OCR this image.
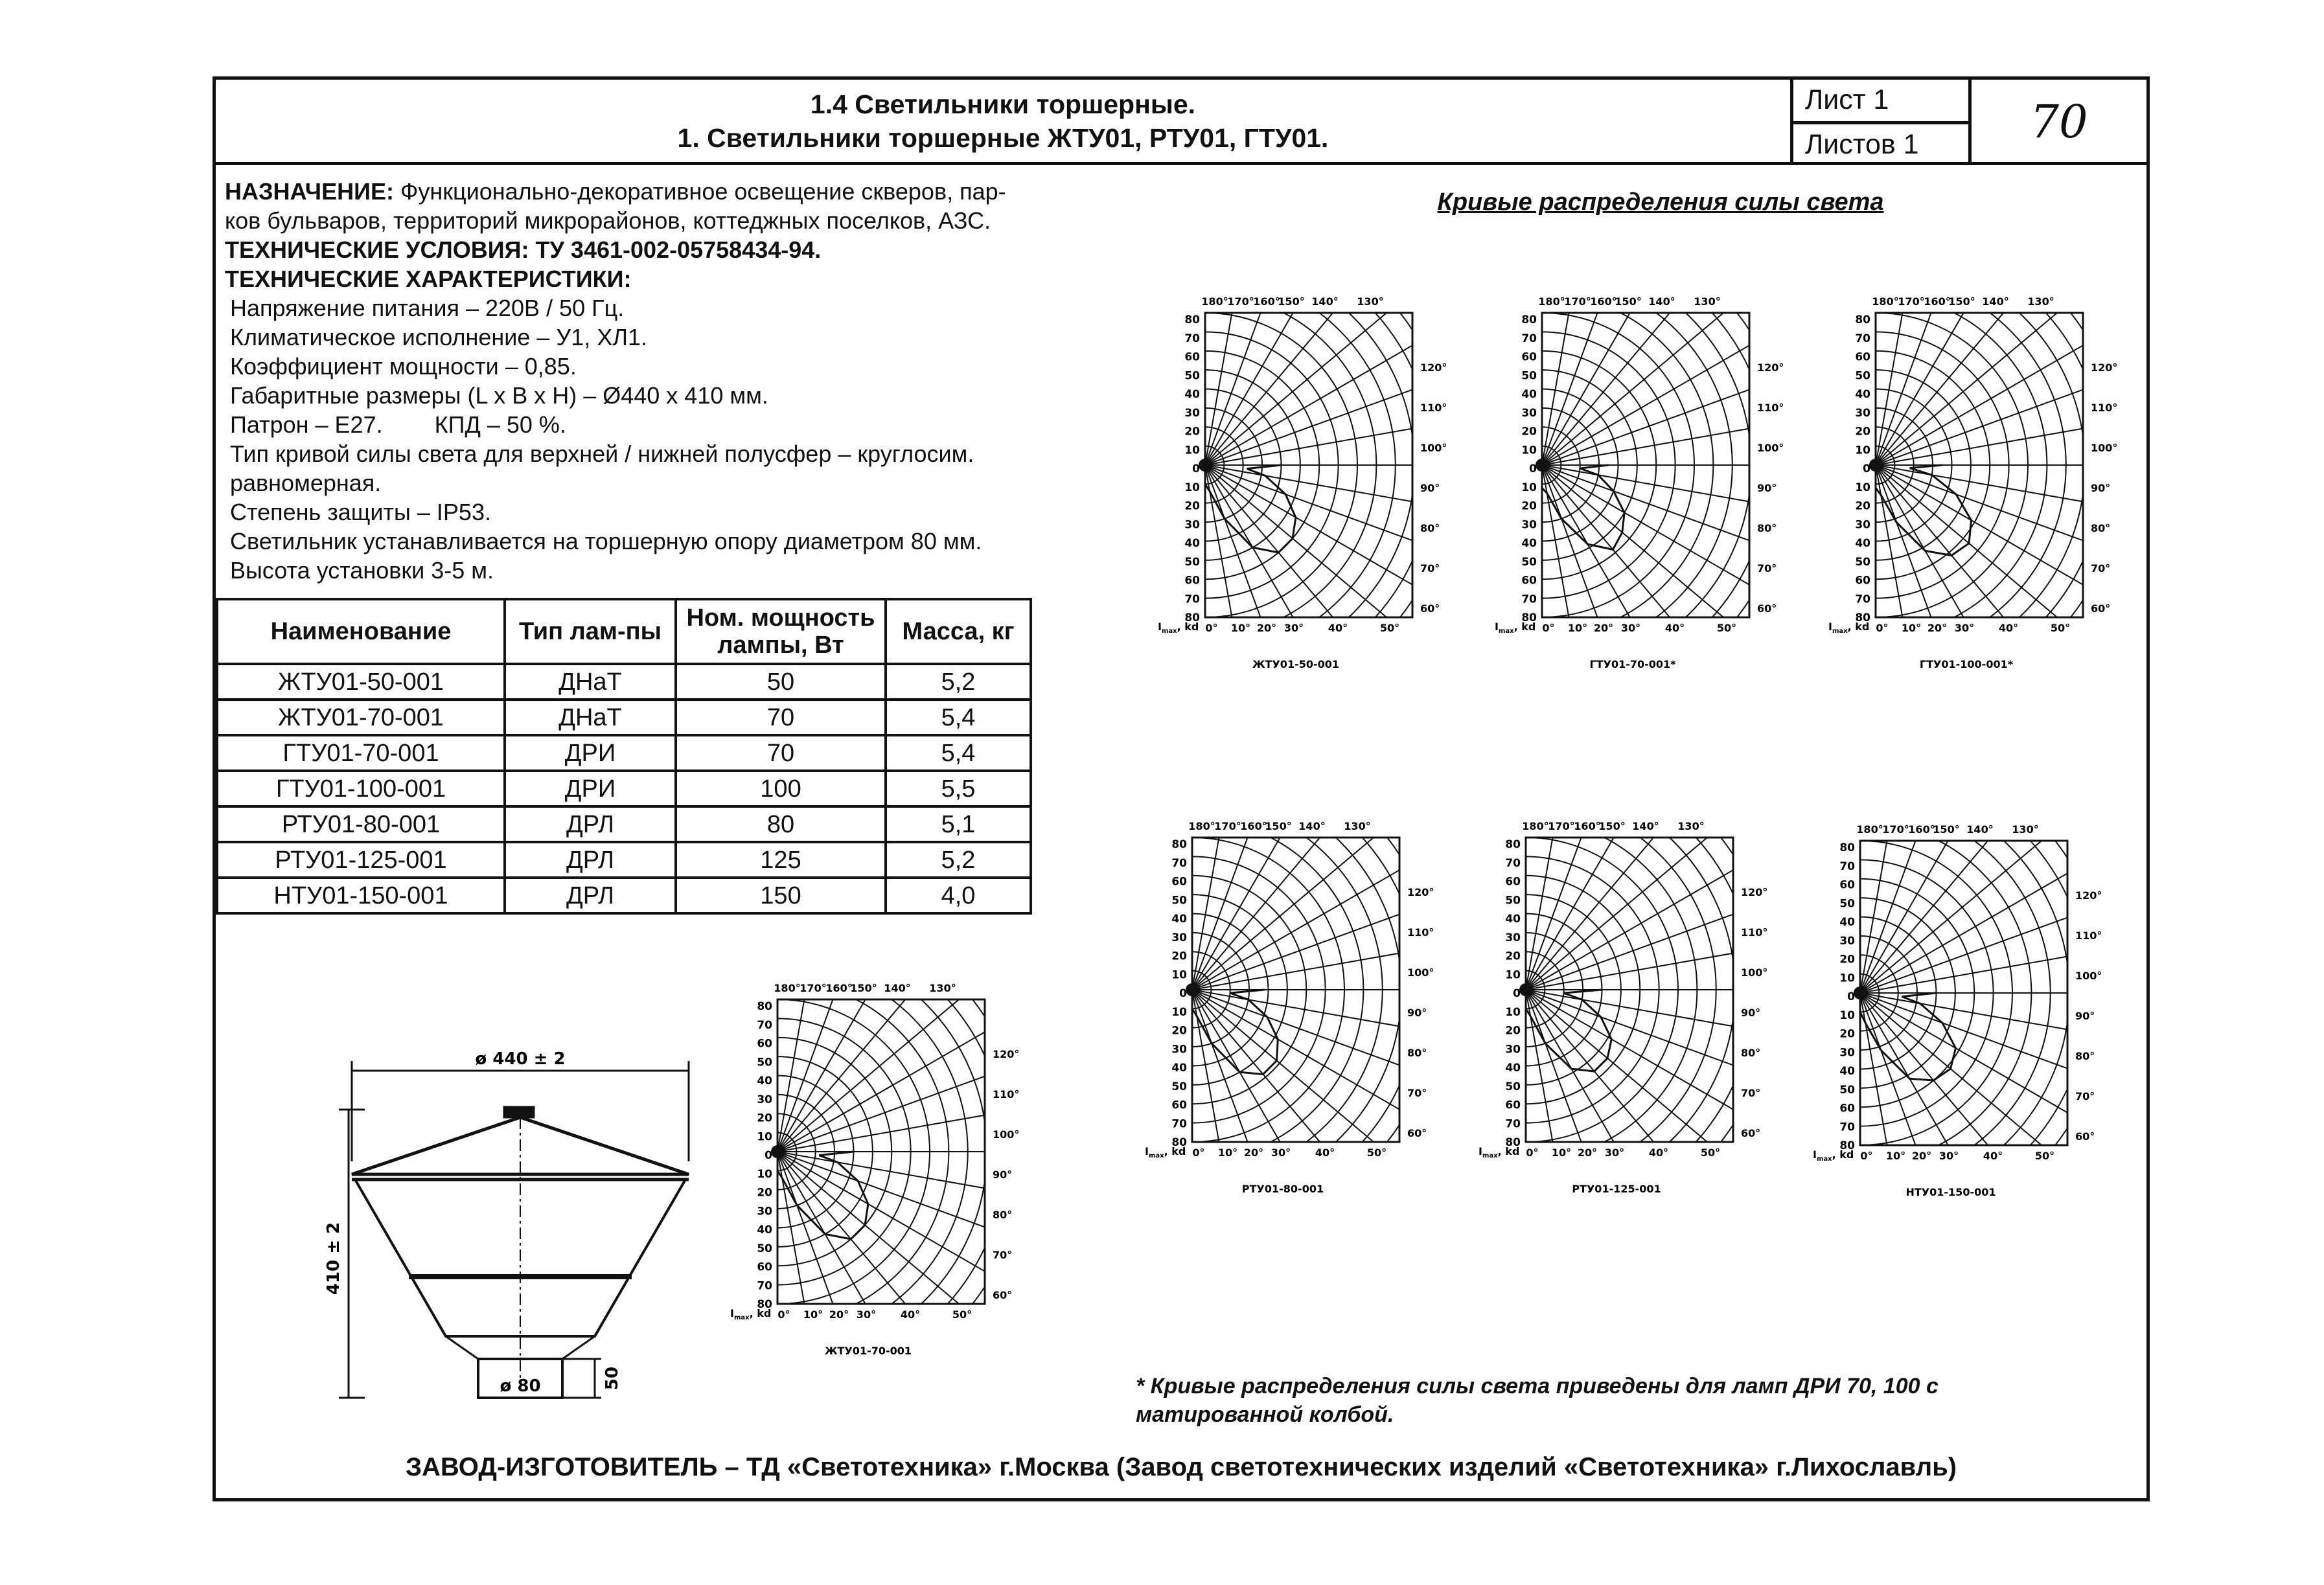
1.4 Светильники торшерные.
1. Светильники торшерные ЖТУ01, РТУ01, ГТУ01.
Лист 1
Листов 1	70

НАЗНАЧЕНИЕ: Функционально-декоративное освещение скверов, пар-

ков бульваров, территорий микрорайонов, коттеджных поселков, АЗС.

ТЕХНИЧЕСКИЕ УСЛОВИЯ: ТУ 3461-002-05758434-94.

ТЕХНИЧЕСКИЕ ХАРАКТЕРИСТИКИ:

Напряжение питания – 220В / 50 Гц.

Климатическое исполнение – У1, ХЛ1.

Коэффициент мощности – 0,85.

Габаритные размеры (L x B x H) – Ø440 x 410 мм.

Патрон – Е27.        КПД – 50 %.

Тип кривой силы света для верхней / нижней полусфер – круглосим.

равномерная.

Степень защиты – IP53.

Светильник устанавливается на торшерную опору диаметром 80 мм.

Высота установки 3-5 м.

Наименование	Тип лам-пы	Ном. мощность лампы, Вт	Масса, кг
ЖТУ01-50-001	ДНаТ	50	5,2
ЖТУ01-70-001	ДНаТ	70	5,4
ГТУ01-70-001	ДРИ	70	5,4
ГТУ01-100-001	ДРИ	100	5,5
РТУ01-80-001	ДРЛ	80	5,1
РТУ01-125-001	ДРЛ	125	5,2
НТУ01-150-001	ДРЛ	150	4,0
Кривые распределения силы света
ø 440 ± 2
410 ± 2
50
ø 80
80
70
60
50
40
30
20
10
0
10
20
30
40
50
60
70
80
180°
170°
160°
150° 140° 130°
120°
110°
100°
90°
80°
70°
60°
0° 10° 20° 30° 40°	50°
$I_{max}$, kd
ЖТУ01-50-001
80
70
60
50
40
30
20
10
0
10
20
30
40
50
60
70
80
180°
170°
160°
150° 140° 130°
120°
110°
100°
90°
80°
70°
60°
0° 10° 20° 30° 40°	50°
$I_{max}$, kd
ГТУ01-70-001*
80
70
60
50
40
30
20
10
0
10
20
30
40
50
60
70
80
180°
170°
160°
150° 140° 130°
120°
110°
100°
90°
80°
70°
60°
0° 10° 20° 30° 40°	50°
$I_{max}$, kd
ГТУ01-100-001*
80
70
60
50
40
30
20
10
0
10
20
30
40
50
60
70
80
180°
170°
160°
150° 140° 130°
120°
110°
100°
90°
80°
70°
60°
0° 10° 20° 30° 40°	50°
$I_{max}$, kd
РТУ01-80-001
80
70
60
50
40
30
20
10
0
10
20
30
40
50
60
70
80
180°
170°
160°
150° 140° 130°
120°
110°
100°
90°
80°
70°
60°
0° 10° 20° 30° 40°	50°
$I_{max}$, kd
РТУ01-125-001
80
70
60
50
40
30
20
10
0
10
20
30
40
50
60
70
80
180°
170°
160°
150° 140° 130°
120°
110°
100°
90°
80°
70°
60°
0° 10° 20° 30° 40°	50°
$I_{max}$, kd
НТУ01-150-001
80
70
60
50
40
30
20
10
0
10
20
30
40
50
60
70
80
180°
170°
160°
150° 140° 130°
120°
110°
100°
90°
80°
70°
60°
0° 10° 20° 30° 40°	50°
$I_{max}$, kd
ЖТУ01-70-001
* Кривые распределения силы света приведены для ламп ДРИ 70, 100 с матированной колбой.
ЗАВОД-ИЗГОТОВИТЕЛЬ – ТД «Светотехника» г.Москва (Завод светотехнических изделий «Светотехника» г.Лихославль)
